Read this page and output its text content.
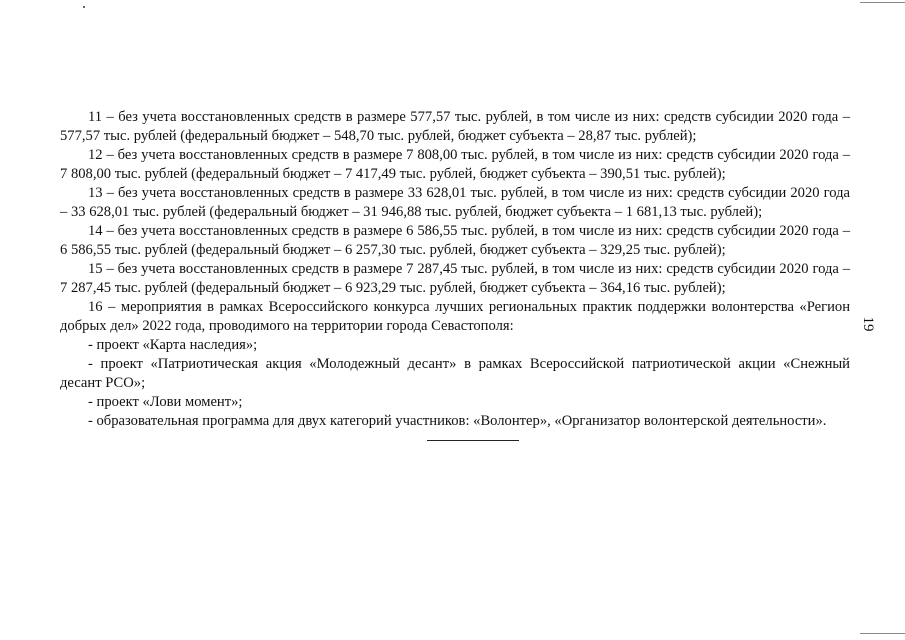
11 – без учета восстановленных средств в размере 577,57 тыс. рублей, в том числе из них: средств субсидии 2020 года – 577,57 тыс. рублей (федеральный бюджет – 548,70 тыс. рублей, бюджет субъекта – 28,87 тыс. рублей);

12 – без учета восстановленных средств в размере 7 808,00 тыс. рублей, в том числе из них: средств субсидии 2020 года – 7 808,00 тыс. рублей (федеральный бюджет – 7 417,49 тыс. рублей, бюджет субъекта – 390,51 тыс. рублей);

13 – без учета восстановленных средств в размере 33 628,01 тыс. рублей, в том числе из них: средств субсидии 2020 года – 33 628,01 тыс. рублей (федеральный бюджет – 31 946,88 тыс. рублей, бюджет субъекта – 1 681,13 тыс. рублей);

14 – без учета восстановленных средств в размере 6 586,55 тыс. рублей, в том числе из них: средств субсидии 2020 года – 6 586,55 тыс. рублей (федеральный бюджет – 6 257,30 тыс. рублей, бюджет субъекта – 329,25 тыс. рублей);

15 – без учета восстановленных средств в размере 7 287,45 тыс. рублей, в том числе из них: средств субсидии 2020 года – 7 287,45 тыс. рублей (федеральный бюджет – 6 923,29 тыс. рублей, бюджет субъекта – 364,16 тыс. рублей);

16 – мероприятия в рамках Всероссийского конкурса лучших региональных практик поддержки волонтерства «Регион добрых дел» 2022 года, проводимого на территории города Севастополя:

- проект «Карта наследия»;

- проект «Патриотическая акция «Молодежный десант» в рамках Всероссийской патриотической акции «Снежный десант РСО»;

- проект «Лови момент»;

- образовательная программа для двух категорий участников: «Волонтер», «Организатор волонтерской деятельности».

19
